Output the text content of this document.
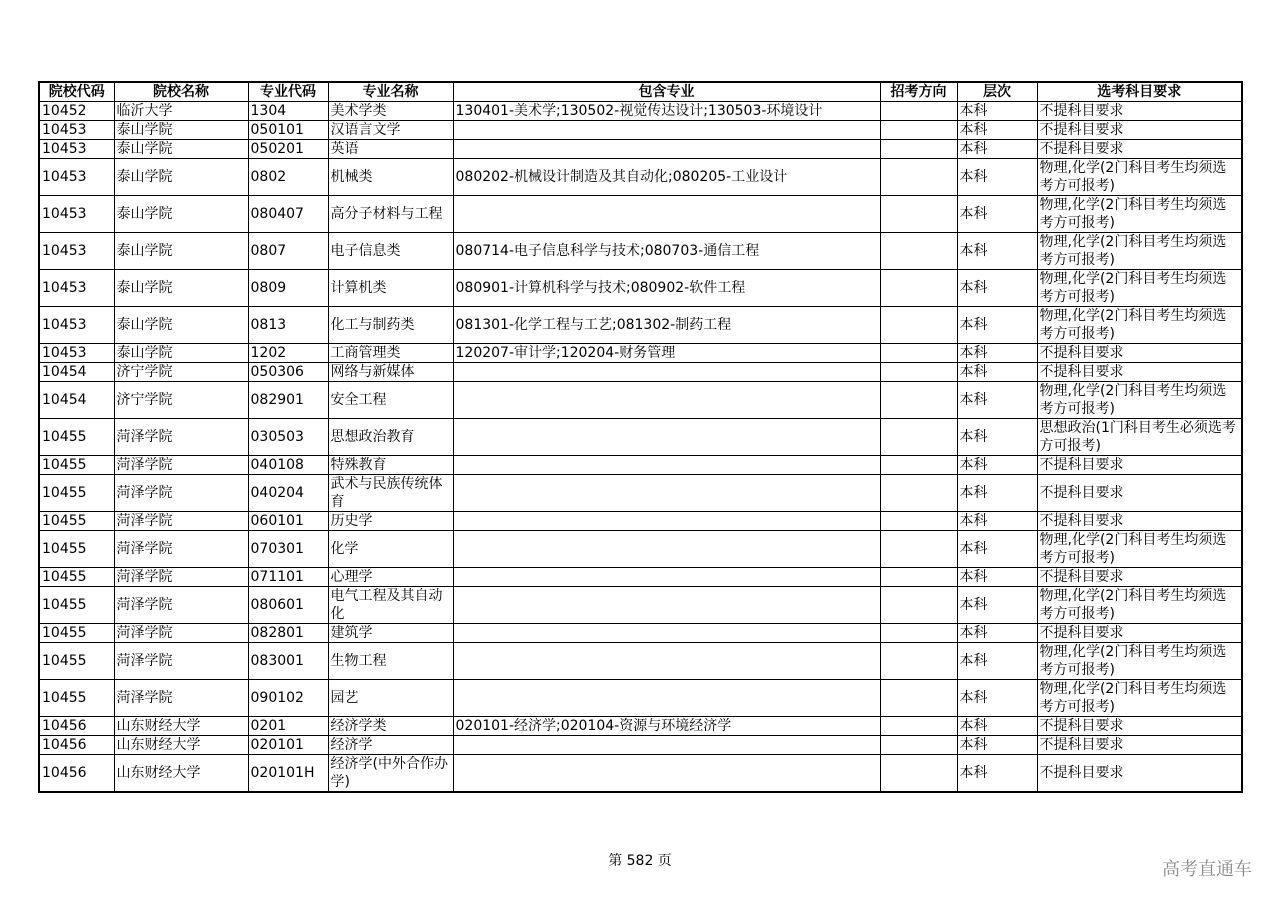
院校代码	院校名称	专业代码	专业名称	包含专业	招考方向	层次	选考科目要求
10452	临沂大学	1304	美术学类	130401-美术学;130502-视觉传达设计;130503-环境设计		本科	不提科目要求
10453	泰山学院	050101	汉语言文学			本科	不提科目要求
10453	泰山学院	050201	英语			本科	不提科目要求
10453	泰山学院	0802	机械类	080202-机械设计制造及其自动化;080205-工业设计		本科	物理,化学(2门科目考生均须选考方可报考)
10453	泰山学院	080407	高分子材料与工程			本科	物理,化学(2门科目考生均须选考方可报考)
10453	泰山学院	0807	电子信息类	080714-电子信息科学与技术;080703-通信工程		本科	物理,化学(2门科目考生均须选考方可报考)
10453	泰山学院	0809	计算机类	080901-计算机科学与技术;080902-软件工程		本科	物理,化学(2门科目考生均须选考方可报考)
10453	泰山学院	0813	化工与制药类	081301-化学工程与工艺;081302-制药工程		本科	物理,化学(2门科目考生均须选考方可报考)
10453	泰山学院	1202	工商管理类	120207-审计学;120204-财务管理		本科	不提科目要求
10454	济宁学院	050306	网络与新媒体			本科	不提科目要求
10454	济宁学院	082901	安全工程			本科	物理,化学(2门科目考生均须选考方可报考)
10455	菏泽学院	030503	思想政治教育			本科	思想政治(1门科目考生必须选考方可报考)
10455	菏泽学院	040108	特殊教育			本科	不提科目要求
10455	菏泽学院	040204	武术与民族传统体育			本科	不提科目要求
10455	菏泽学院	060101	历史学			本科	不提科目要求
10455	菏泽学院	070301	化学			本科	物理,化学(2门科目考生均须选考方可报考)
10455	菏泽学院	071101	心理学			本科	不提科目要求
10455	菏泽学院	080601	电气工程及其自动化			本科	物理,化学(2门科目考生均须选考方可报考)
10455	菏泽学院	082801	建筑学			本科	不提科目要求
10455	菏泽学院	083001	生物工程			本科	物理,化学(2门科目考生均须选考方可报考)
10455	菏泽学院	090102	园艺			本科	物理,化学(2门科目考生均须选考方可报考)
10456	山东财经大学	0201	经济学类	020101-经济学;020104-资源与环境经济学		本科	不提科目要求
10456	山东财经大学	020101	经济学			本科	不提科目要求
10456	山东财经大学	020101H	经济学(中外合作办学)			本科	不提科目要求
第 582 页	高考直通车
